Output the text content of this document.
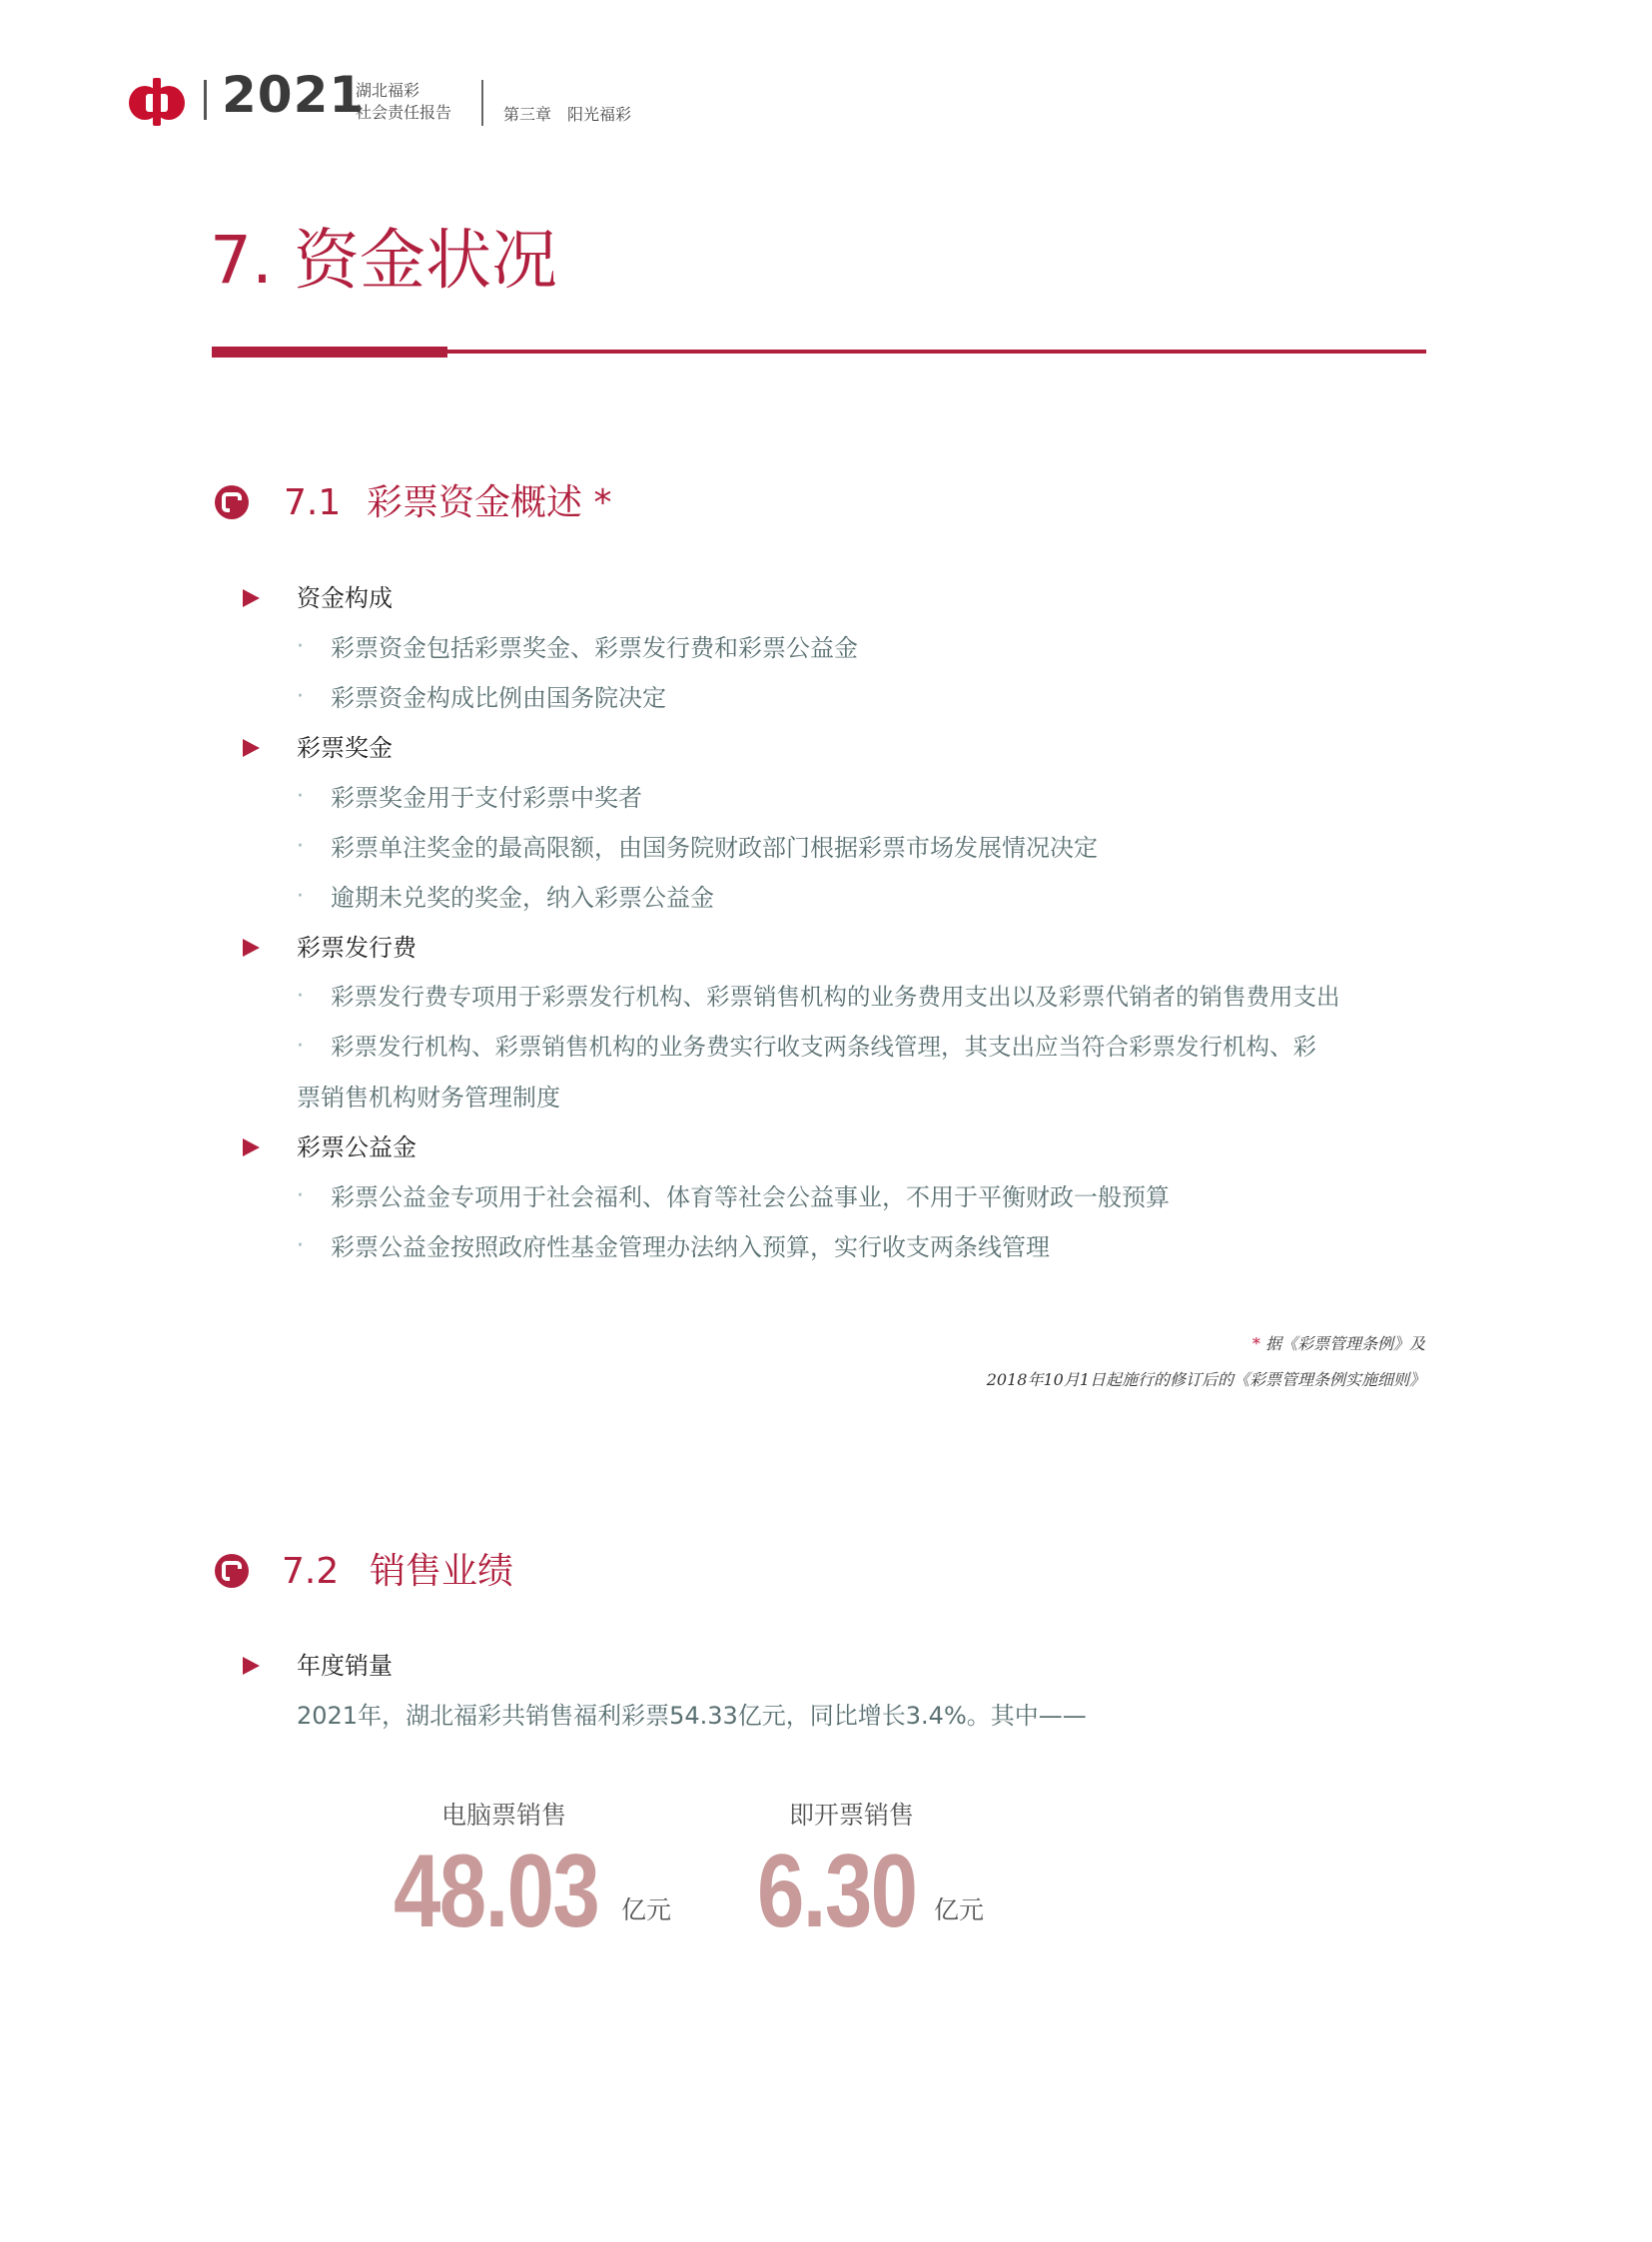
2021
湖北福彩
社会责任报告	第三章　阳光福彩
7. 资金状况
7.1 彩票资金概述 *
资金构成
· 彩票资金包括彩票奖金、彩票发行费和彩票公益金
· 彩票资金构成比例由国务院决定
彩票奖金
· 彩票奖金用于支付彩票中奖者
· 彩票单注奖金的最高限额，由国务院财政部门根据彩票市场发展情况决定
· 逾期未兑奖的奖金，纳入彩票公益金
彩票发行费
· 彩票发行费专项用于彩票发行机构、彩票销售机构的业务费用支出以及彩票代销者的销售费用支出
· 彩票发行机构、彩票销售机构的业务费实行收支两条线管理，其支出应当符合彩票发行机构、彩
票销售机构财务管理制度
彩票公益金
· 彩票公益金专项用于社会福利、体育等社会公益事业，不用于平衡财政一般预算
· 彩票公益金按照政府性基金管理办法纳入预算，实行收支两条线管理
* 据《彩票管理条例》及
2018年10月1日起施行的修订后的《彩票管理条例实施细则》
7.2 销售业绩
年度销量
2021年，湖北福彩共销售福利彩票54.33亿元，同比增长3.4%。其中——
电脑票销售
48.03 亿元
即开票销售
6.30 亿元
